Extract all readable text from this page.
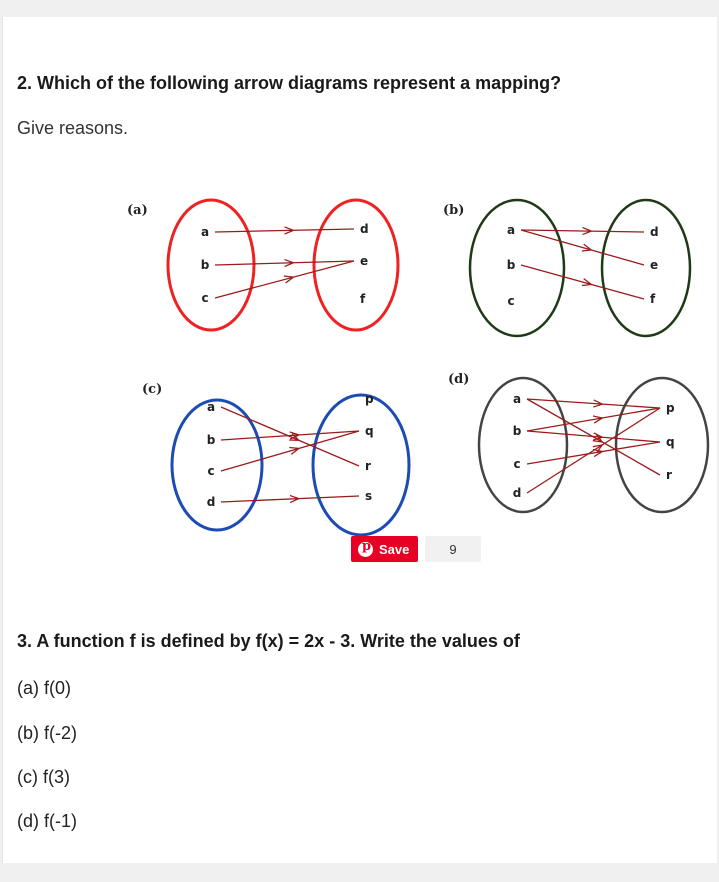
2. Which of the following arrow diagrams represent a mapping?
Give reasons.
(a)
a
b
c
d
e
f
(b)
a
b
c
d
e
f
(c)
a
b
c
d
p
q
r
s
(d)
a
b
c
d
p
q
r
p
Save	9
3. A function f is defined by f(x) = 2x - 3. Write the values of
(a) f(0)
(b) f(-2)
(c) f(3)
(d) f(-1)
